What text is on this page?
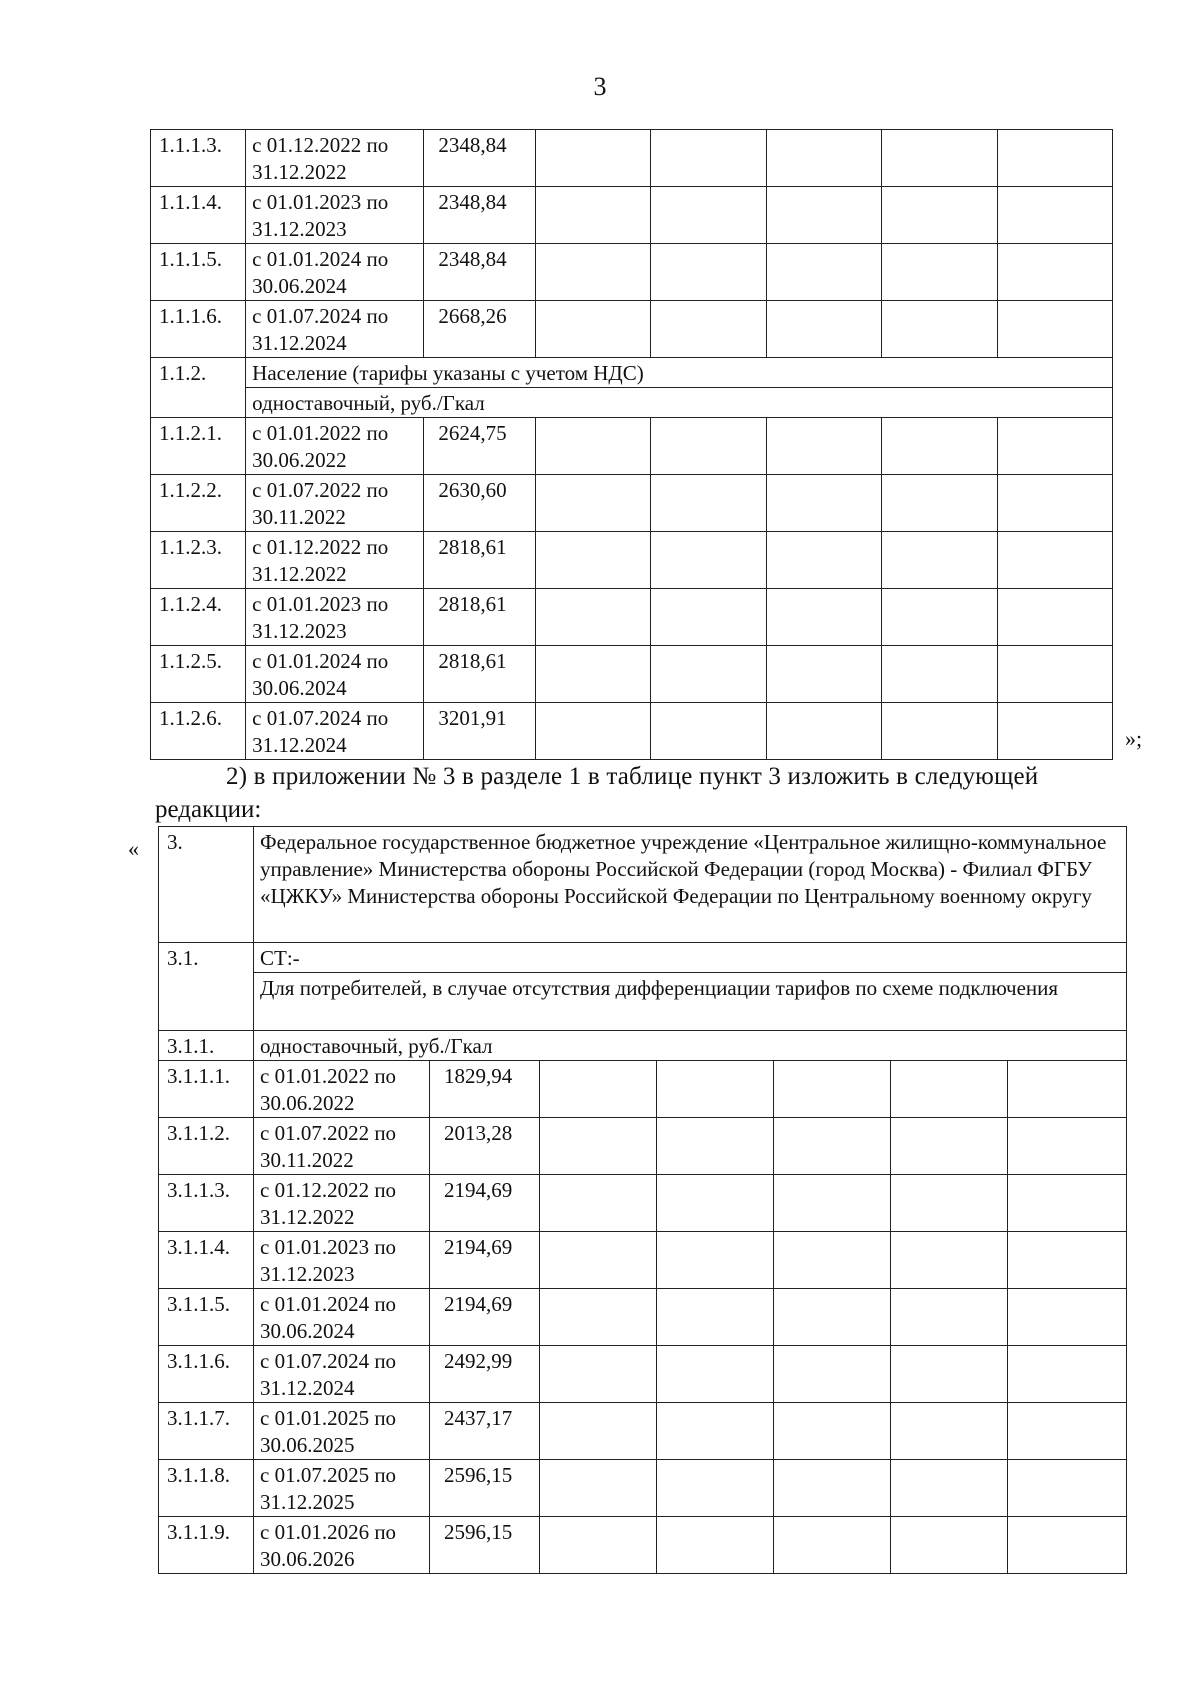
3
1.1.1.3.	с 01.12.2022 по 31.12.2022	2348,84					
1.1.1.4.	с 01.01.2023 по 31.12.2023	2348,84					
1.1.1.5.	с 01.01.2024 по 30.06.2024	2348,84					
1.1.1.6.	с 01.07.2024 по 31.12.2024	2668,26					
1.1.2.	Население (тарифы указаны с учетом НДС)						
	одноставочный, руб./Гкал						
1.1.2.1.	с 01.01.2022 по 30.06.2022	2624,75					
1.1.2.2.	с 01.07.2022 по 30.11.2022	2630,60					
1.1.2.3.	с 01.12.2022 по 31.12.2022	2818,61					
1.1.2.4.	с 01.01.2023 по 31.12.2023	2818,61					
1.1.2.5.	с 01.01.2024 по 30.06.2024	2818,61					
1.1.2.6.	с 01.07.2024 по 31.12.2024	3201,91					
»;
2) в приложении № 3 в разделе 1 в таблице пункт 3 изложить в следующей
редакции:
« 3.	Федеральное государственное бюджетное учреждение «Центральное жилищно-коммунальное управление» Министерства обороны Российской Федерации (город Москва) - Филиал ФГБУ «ЦЖКУ» Министерства обороны Российской Федерации по Центральному военному округу						
3.1.	СТ:-						
	Для потребителей, в случае отсутствия дифференциации тарифов по схеме подключения						
3.1.1.	одноставочный, руб./Гкал						
3.1.1.1.	с 01.01.2022 по 30.06.2022	1829,94					
3.1.1.2.	с 01.07.2022 по 30.11.2022	2013,28					
3.1.1.3.	с 01.12.2022 по 31.12.2022	2194,69					
3.1.1.4.	с 01.01.2023 по 31.12.2023	2194,69					
3.1.1.5.	с 01.01.2024 по 30.06.2024	2194,69					
3.1.1.6.	с 01.07.2024 по 31.12.2024	2492,99					
3.1.1.7.	с 01.01.2025 по 30.06.2025	2437,17					
3.1.1.8.	с 01.07.2025 по 31.12.2025	2596,15					
3.1.1.9.	с 01.01.2026 по 30.06.2026	2596,15					
